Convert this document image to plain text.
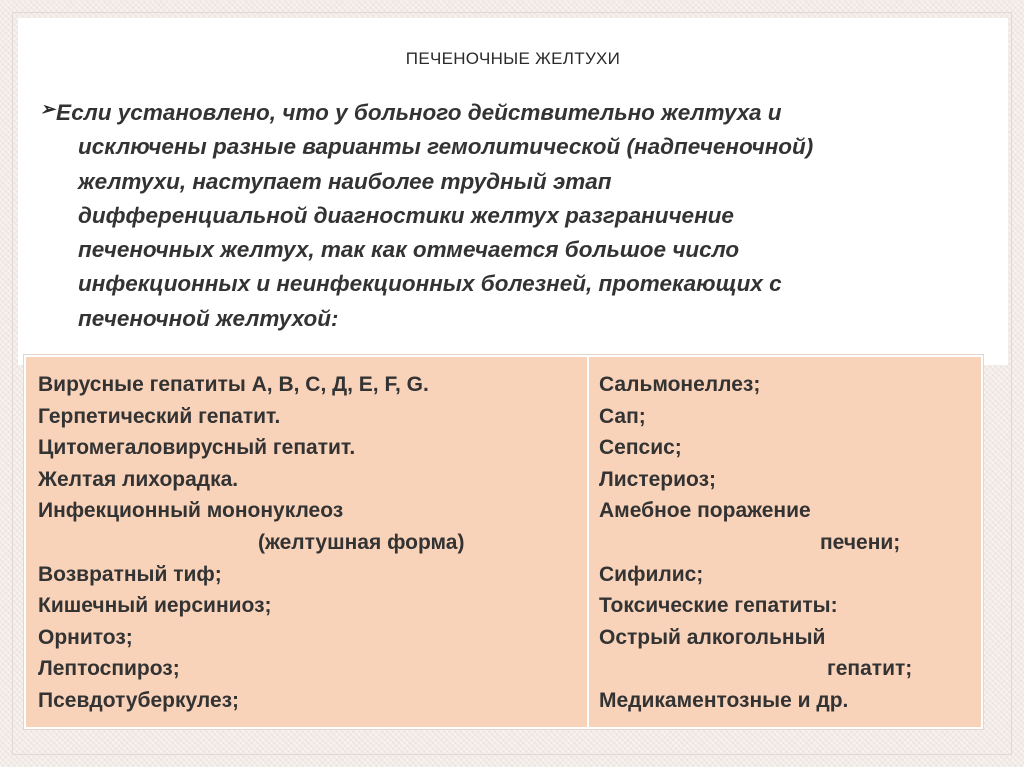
ПЕЧЕНОЧНЫЕ ЖЕЛТУХИ
➢ Если установлено, что у больного действительно желтуха и
исключены разные варианты гемолитической (надпеченочной)
желтухи, наступает наиболее трудный этап
дифференциальной диагностики желтух разграничение
печеночных желтух, так как отмечается большое число
инфекционных и неинфекционных болезней, протекающих с
печеночной желтухой:
Вирусные гепатиты А, В, С, Д, Е, F, G.
Герпетический гепатит.
Цитомегаловирусный гепатит.
Желтая лихорадка.
Инфекционный мононуклеоз
(желтушная форма)
Возвратный тиф;
Кишечный иерсиниоз;
Орнитоз;
Лептоспироз;
Псевдотуберкулез;
Сальмонеллез;
Сап;
Сепсис;
Листериоз;
Амебное поражение
печени;
Сифилис;
Токсические гепатиты:
Острый алкогольный
гепатит;
Медикаментозные и др.
